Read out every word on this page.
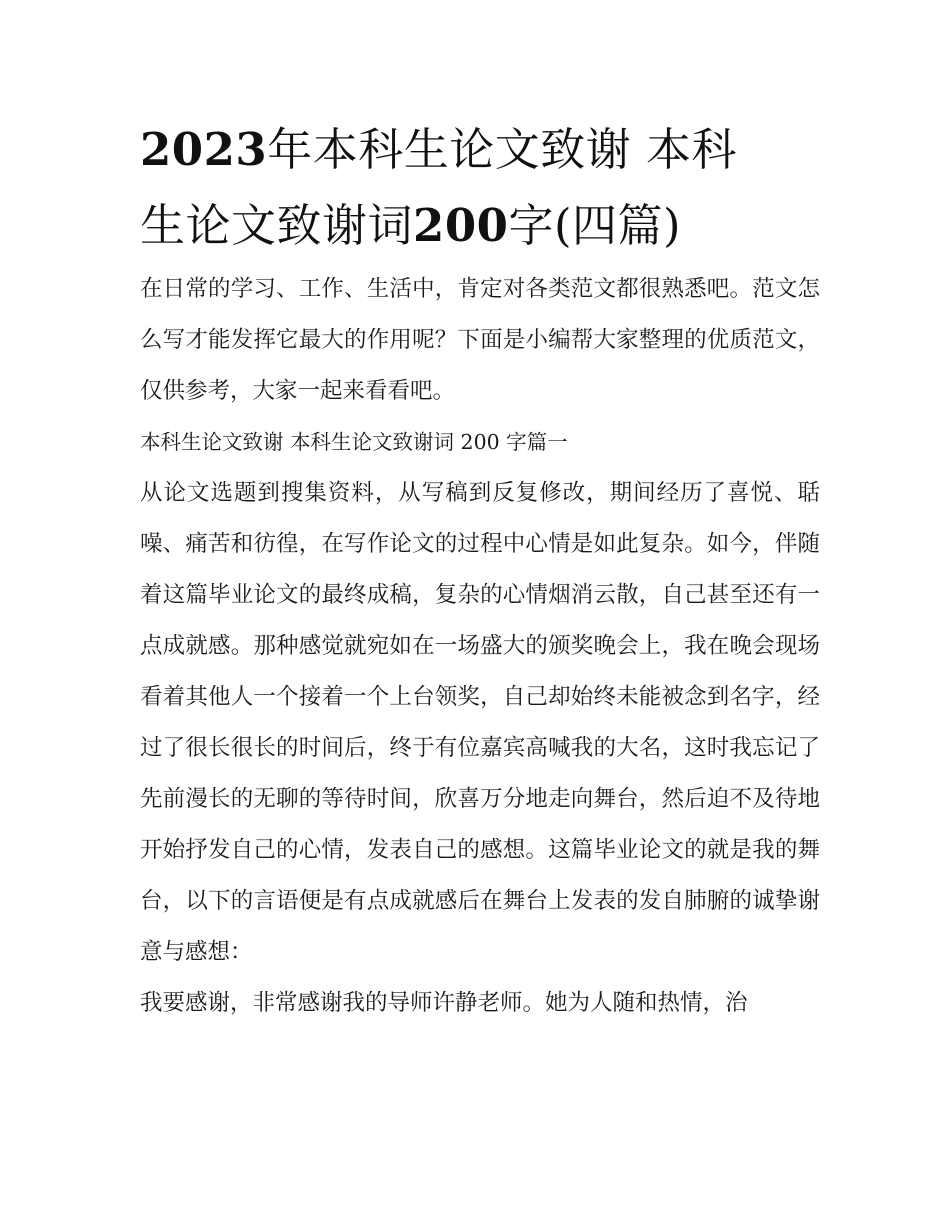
2023年本科生论文致谢 本科
生论文致谢词200字(四篇)

在日常的学习、工作、生活中，肯定对各类范文都很熟悉吧。范文怎么写才能发挥它最大的作用呢？下面是小编帮大家整理的优质范文，仅供参考，大家一起来看看吧。

本科生论文致谢 本科生论文致谢词 200 字篇一

从论文选题到搜集资料，从写稿到反复修改，期间经历了喜悦、聒噪、痛苦和彷徨，在写作论文的过程中心情是如此复杂。如今，伴随着这篇毕业论文的最终成稿，复杂的心情烟消云散，自己甚至还有一点成就感。那种感觉就宛如在一场盛大的颁奖晚会上，我在晚会现场看着其他人一个接着一个上台领奖，自己却始终未能被念到名字，经过了很长很长的时间后，终于有位嘉宾高喊我的大名，这时我忘记了先前漫长的无聊的等待时间，欣喜万分地走向舞台，然后迫不及待地开始抒发自己的心情，发表自己的感想。这篇毕业论文的就是我的舞台，以下的言语便是有点成就感后在舞台上发表的发自肺腑的诚挚谢意与感想：

我要感谢，非常感谢我的导师许静老师。她为人随和热情，治
